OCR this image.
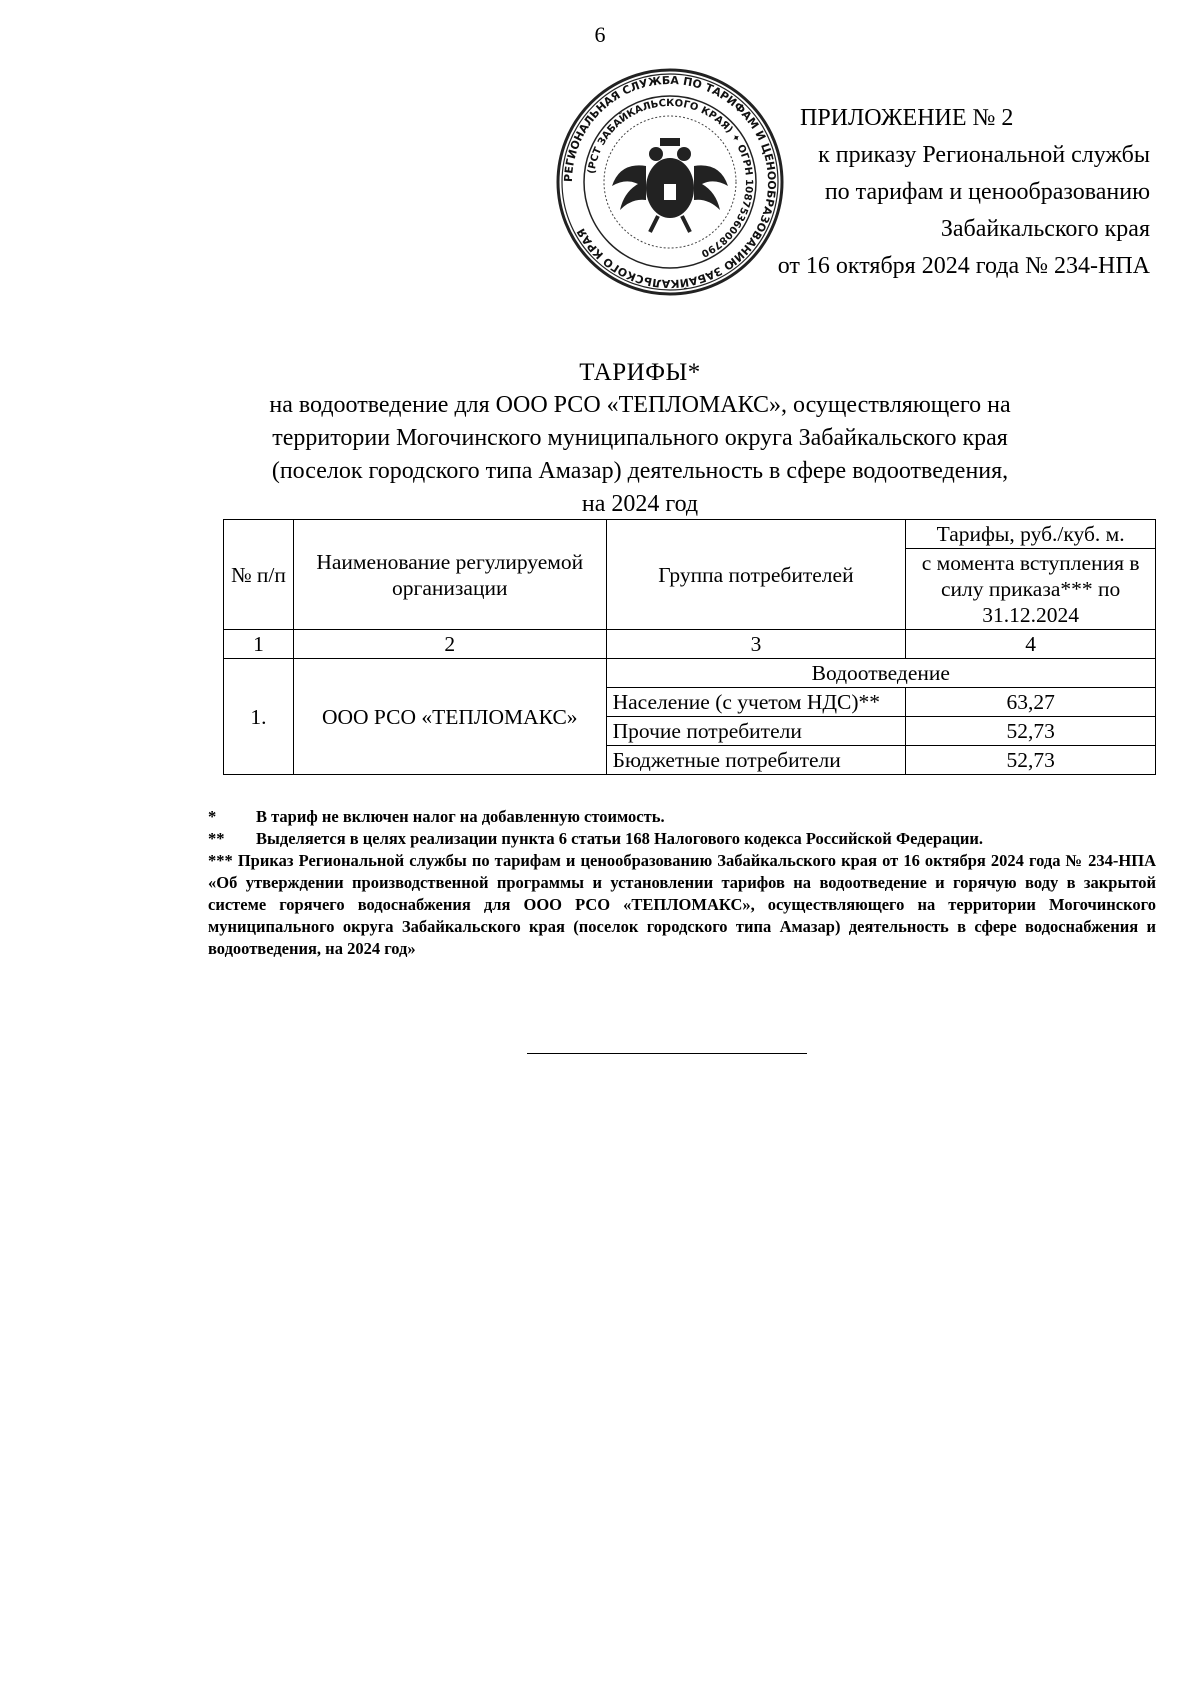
6
РЕГИОНАЛЬНАЯ СЛУЖБА ПО ТАРИФАМ И ЦЕНООБРАЗОВАНИЮ ЗАБАЙКАЛЬСКОГО КРАЯ
(РСТ ЗАБАЙКАЛЬСКОГО КРАЯ) ✦ ОГРН 1087536008790
ПРИЛОЖЕНИЕ № 2
к приказу Региональной службы
по тарифам и ценообразованию
Забайкальского края
от 16 октября 2024 года № 234-НПА
ТАРИФЫ*
на водоотведение для ООО РСО «ТЕПЛОМАКС», осуществляющего на
территории Могочинского муниципального округа Забайкальского края
(поселок городского типа Амазар) деятельность в сфере водоотведения,
на 2024 год
№ п/п	Наименование регулируемой организации	Группа потребителей	Тарифы, руб./куб. м.
			с момента вступления в силу приказа*** по 31.12.2024
1	2	3	4
1.	ООО РСО «ТЕПЛОМАКС»	Водоотведение	
		Население (с учетом НДС)**	63,27
		Прочие потребители	52,73
		Бюджетные потребители	52,73
*	В тариф не включен налог на добавленную стоимость.
**	Выделяется в целях реализации пункта 6 статьи 168 Налогового кодекса Российской Федерации.
*** Приказ Региональной службы по тарифам и ценообразованию Забайкальского края от 16 октября 2024 года № 234-НПА «Об утверждении производственной программы и установлении тарифов на водоотведение и горячую воду в закрытой системе горячего водоснабжения для ООО РСО «ТЕПЛОМАКС», осуществляющего на территории Могочинского муниципального округа Забайкальского края (поселок городского типа Амазар) деятельность в сфере водоснабжения и водоотведения, на 2024 год»
